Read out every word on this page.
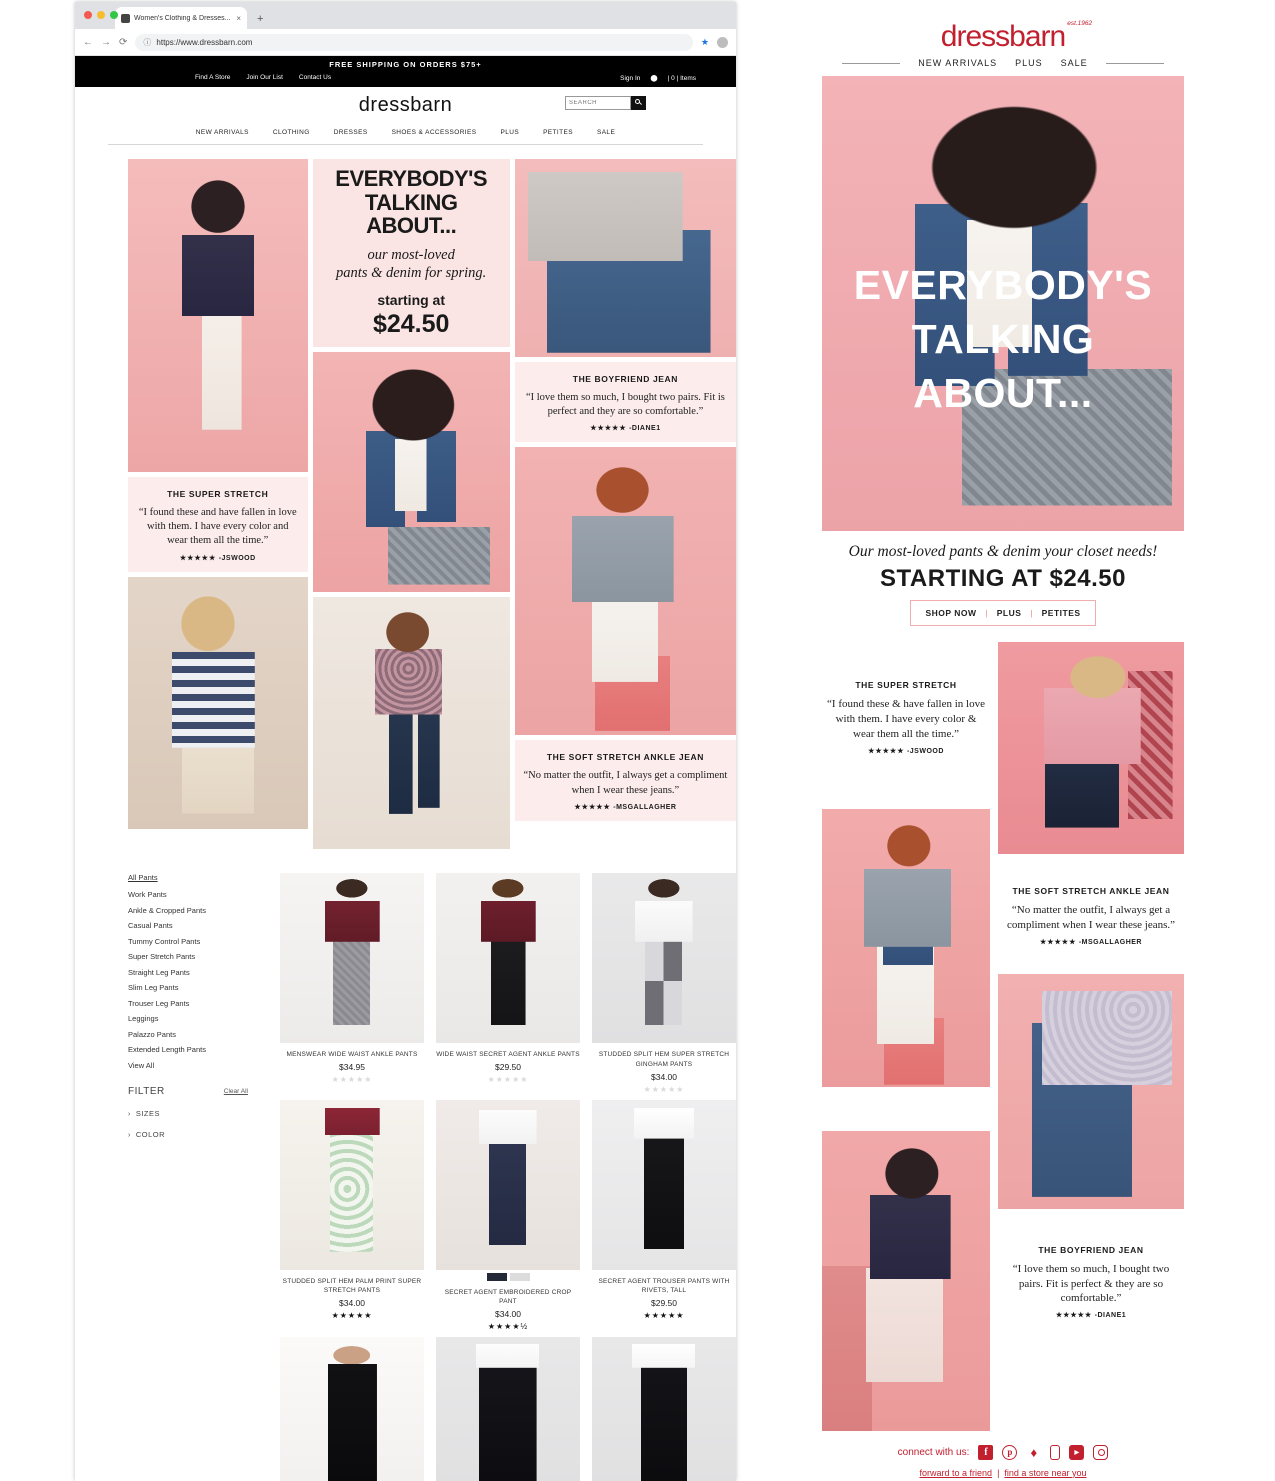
Women's Clothing & Dresses... × +
← → ⟳ ⓘ https://www.dressbarn.com	★
FREE SHIPPING ON ORDERS $75+
Find A Store Join Our List Contact Us	Sign In ⬤ | 0 | Items
dressbarn
SEARCH
NEW ARRIVALS	CLOTHING	DRESSES	SHOES & ACCESSORIES	PLUS	PETITES	SALE
THE SUPER STRETCH
“I found these and have fallen in love with them. I have every color and wear them all the time.”
★★★★★ -JSWOOD
EVERYBODY'S
TALKING ABOUT...
our most-loved
pants & denim for spring.
starting at
$24.50
THE BOYFRIEND JEAN
“I love them so much, I bought two pairs. Fit is perfect and they are so comfortable.”
★★★★★ -DIANE1
THE SOFT STRETCH ANKLE JEAN
“No matter the outfit, I always get a compliment when I wear these jeans.”
★★★★★ -MSGALLAGHER
All Pants
Work Pants
Ankle & Cropped Pants
Casual Pants
Tummy Control Pants
Super Stretch Pants
Straight Leg Pants
Slim Leg Pants
Trouser Leg Pants
Leggings
Palazzo Pants
Extended Length Pants
View All
FILTER	Clear All
› SIZES
› COLOR
MENSWEAR WIDE WAIST ANKLE PANTS
$34.95
★★★★★
WIDE WAIST SECRET AGENT ANKLE PANTS
$29.50
★★★★★
STUDDED SPLIT HEM SUPER STRETCH GINGHAM PANTS
$34.00
★★★★★
STUDDED SPLIT HEM PALM PRINT SUPER STRETCH PANTS
$34.00
★★★★★
SECRET AGENT EMBROIDERED CROP PANT
$34.00
★★★★½
SECRET AGENT TROUSER PANTS WITH RIVETS, TALL
$29.50
★★★★★
dressbarn est.1962
NEW ARRIVALS PLUS SALE
EVERYBODY'S
TALKING
ABOUT...
Our most-loved pants & denim your closet needs!
STARTING AT $24.50
SHOP NOW | PLUS | PETITES
THE SUPER STRETCH
“I found these & have fallen in love with them. I have every color & wear them all the time.”
★★★★★ -JSWOOD
THE SOFT STRETCH ANKLE JEAN
“No matter the outfit, I always get a compliment when I wear these jeans.”
★★★★★ -MSGALLAGHER
THE BOYFRIEND JEAN
“I love them so much, I bought two pairs. Fit is perfect & they are so comfortable.”
★★★★★ -DIANE1
connect with us:	f	p	♦	▶
forward to a friend | find a store near you
